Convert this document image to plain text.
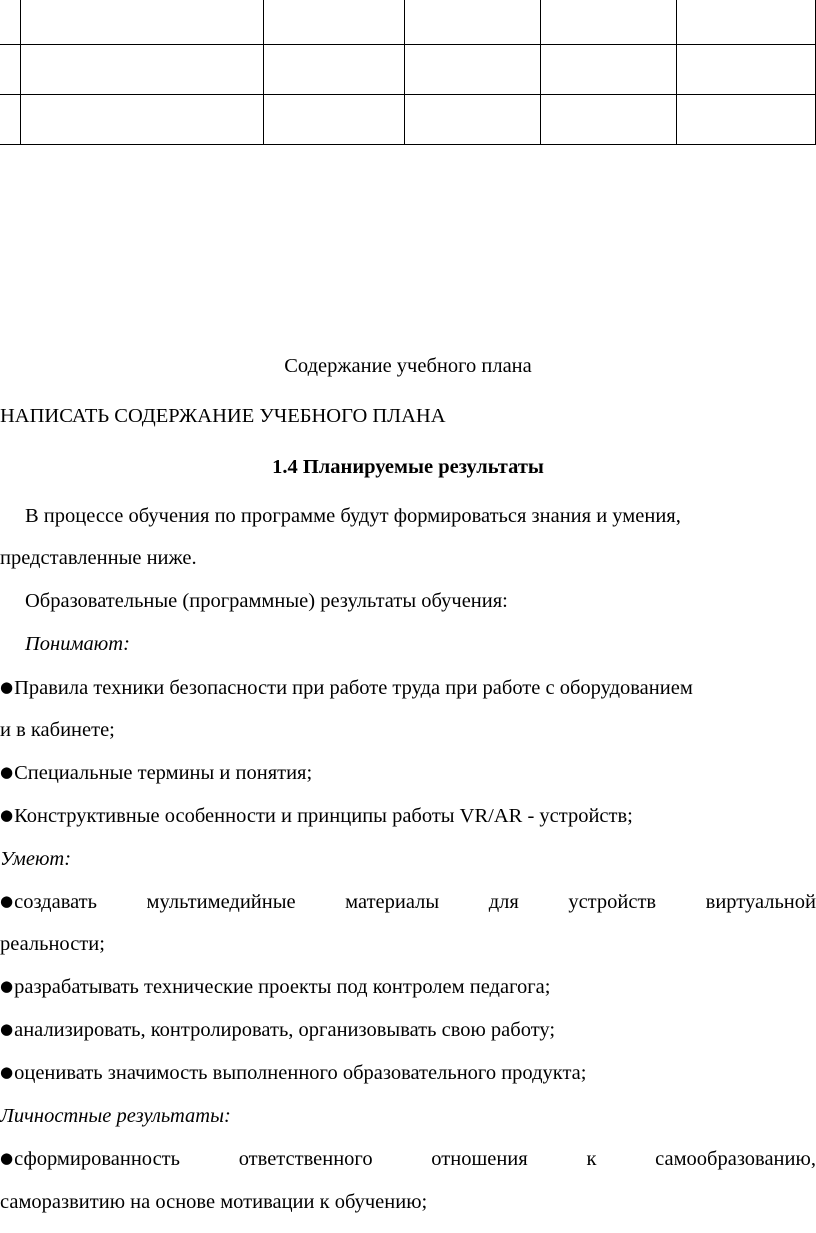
Содержание учебного плана
НАПИСАТЬ СОДЕРЖАНИЕ УЧЕБНОГО ПЛАНА
1.4 Планируемые результаты
В процессе обучения по программе будут формироваться знания и умения,
представленные ниже.
Образовательные (программные) результаты обучения:
Понимают:
●Правила техники безопасности при работе труда при работе с оборудованием
и в кабинете;
●Специальные термины и понятия;
●Конструктивные особенности и принципы работы VR/AR - устройств;
Умеют:
●создавать мультимедийные материалы для устройств виртуальной
реальности;
●разрабатывать технические проекты под контролем педагога;
●анализировать, контролировать, организовывать свою работу;
●оценивать значимость выполненного образовательного продукта;
Личностные результаты:
●сформированность	ответственного	отношения	к	самообразованию,
саморазвитию на основе мотивации к обучению;
